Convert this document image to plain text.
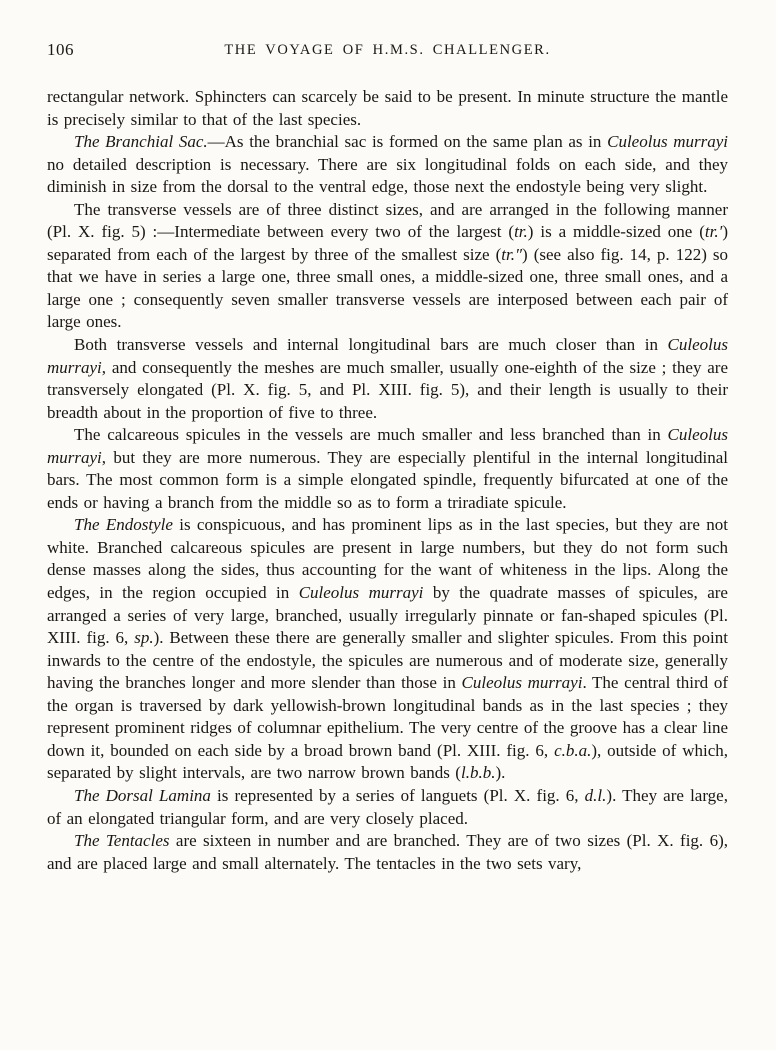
106	THE VOYAGE OF H.M.S. CHALLENGER.

rectangular network. Sphincters can scarcely be said to be present. In minute structure the mantle is precisely similar to that of the last species.

The Branchial Sac.—As the branchial sac is formed on the same plan as in Culeolus murrayi no detailed description is necessary. There are six longitudinal folds on each side, and they diminish in size from the dorsal to the ventral edge, those next the endostyle being very slight.

The transverse vessels are of three distinct sizes, and are arranged in the following manner (Pl. X. fig. 5) :—Intermediate between every two of the largest (tr.) is a middle-sized one (tr.′) separated from each of the largest by three of the smallest size (tr.″) (see also fig. 14, p. 122) so that we have in series a large one, three small ones, a middle-sized one, three small ones, and a large one ; consequently seven smaller transverse vessels are interposed between each pair of large ones.

Both transverse vessels and internal longitudinal bars are much closer than in Culeolus murrayi, and consequently the meshes are much smaller, usually one-eighth of the size ; they are transversely elongated (Pl. X. fig. 5, and Pl. XIII. fig. 5), and their length is usually to their breadth about in the proportion of five to three.

The calcareous spicules in the vessels are much smaller and less branched than in Culeolus murrayi, but they are more numerous. They are especially plentiful in the internal longitudinal bars. The most common form is a simple elongated spindle, frequently bifurcated at one of the ends or having a branch from the middle so as to form a triradiate spicule.

The Endostyle is conspicuous, and has prominent lips as in the last species, but they are not white. Branched calcareous spicules are present in large numbers, but they do not form such dense masses along the sides, thus accounting for the want of whiteness in the lips. Along the edges, in the region occupied in Culeolus murrayi by the quadrate masses of spicules, are arranged a series of very large, branched, usually irregularly pinnate or fan-shaped spicules (Pl. XIII. fig. 6, sp.). Between these there are generally smaller and slighter spicules. From this point inwards to the centre of the endostyle, the spicules are numerous and of moderate size, generally having the branches longer and more slender than those in Culeolus murrayi. The central third of the organ is traversed by dark yellowish-brown longitudinal bands as in the last species ; they represent prominent ridges of columnar epithelium. The very centre of the groove has a clear line down it, bounded on each side by a broad brown band (Pl. XIII. fig. 6, c.b.a.), outside of which, separated by slight intervals, are two narrow brown bands (l.b.b.).

The Dorsal Lamina is represented by a series of languets (Pl. X. fig. 6, d.l.). They are large, of an elongated triangular form, and are very closely placed.

The Tentacles are sixteen in number and are branched. They are of two sizes (Pl. X. fig. 6), and are placed large and small alternately. The tentacles in the two sets vary,
